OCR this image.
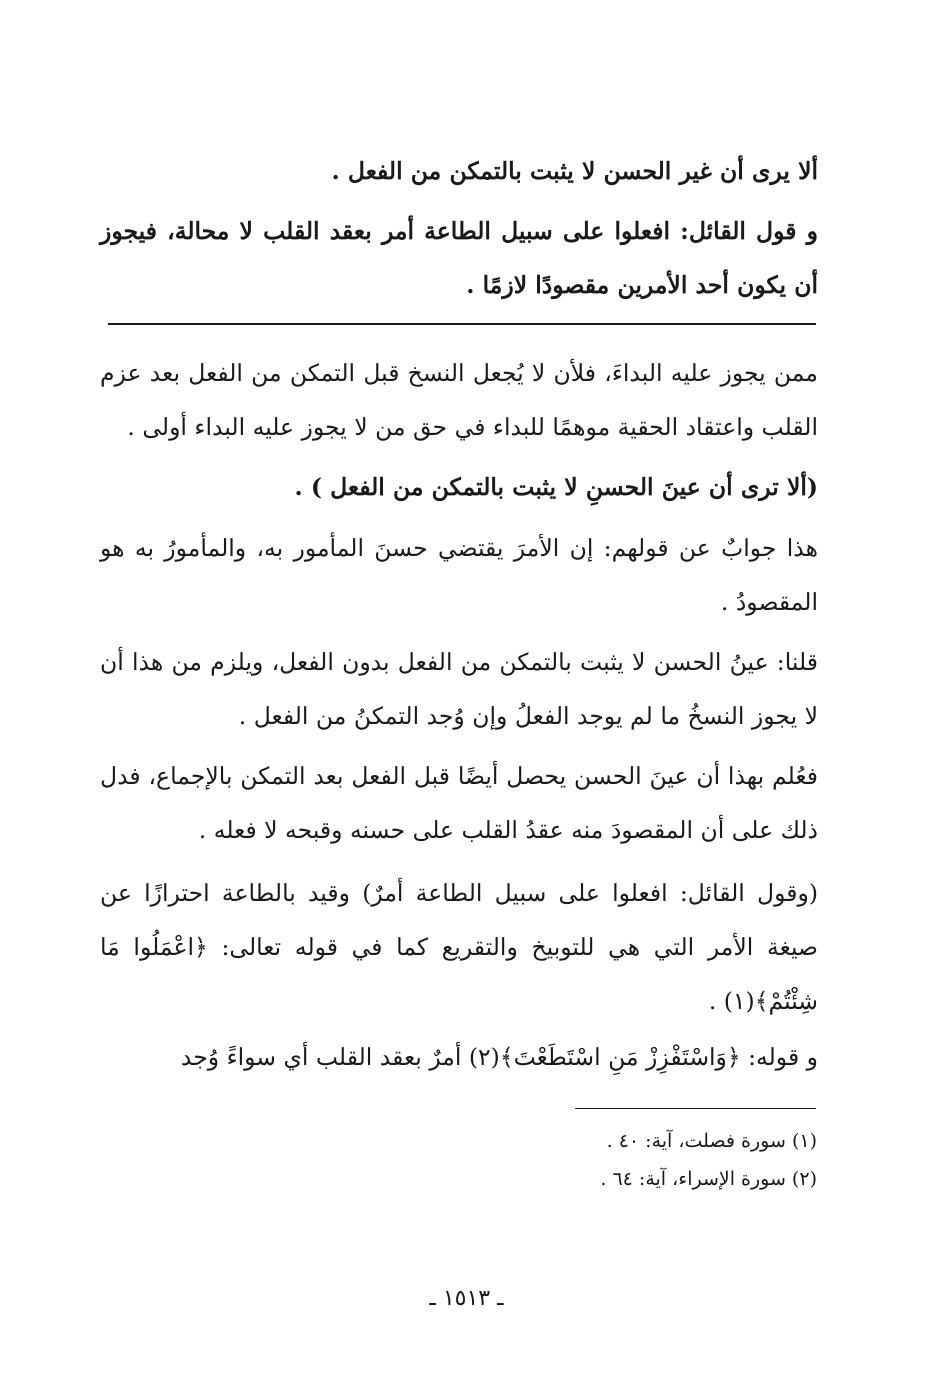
ألا يرى أن غير الحسن لا يثبت بالتمكن من الفعل .

و قول القائل: افعلوا على سبيل الطاعة أمر بعقد القلب لا محالة، فيجوز أن يكون أحد الأمرين مقصودًا لازمًا .

ممن يجوز عليه البداءَ، فلأن لا يُجعل النسخ قبل التمكن من الفعل بعد عزم القلب واعتقاد الحقية موهمًا للبداء في حق من لا يجوز عليه البداء أولى .

(ألا ترى أن عينَ الحسنِ لا يثبت بالتمكن من الفعل ) .

هذا جوابٌ عن قولهم: إن الأمرَ يقتضي حسنَ المأمور به، والمأمورُ به هو المقصودُ .

قلنا: عينُ الحسن لا يثبت بالتمكن من الفعل بدون الفعل، ويلزم من هذا أن لا يجوز النسخُ ما لم يوجد الفعلُ وإن وُجد التمكنُ من الفعل .

فعُلم بهذا أن عينَ الحسن يحصل أيضًا قبل الفعل بعد التمكن بالإجماع، فدل ذلك على أن المقصودَ منه عقدُ القلب على حسنه وقبحه لا فعله .

(وقول القائل: افعلوا على سبيل الطاعة أمرٌ) وقيد بالطاعة احترازًا عن صيغة الأمر التي هي للتوبيخ والتقريع كما في قوله تعالى: ﴿اعْمَلُوا مَا شِئْتُمْ﴾(١) .

و قوله: ﴿وَاسْتَفْزِزْ مَنِ اسْتَطَعْتَ﴾(٢) أمرٌ بعقد القلب أي سواءً وُجد

(١) سورة فصلت، آية: ٤٠ .

(٢) سورة الإسراء، آية: ٦٤ .

ـ ١٥١٣ ـ
